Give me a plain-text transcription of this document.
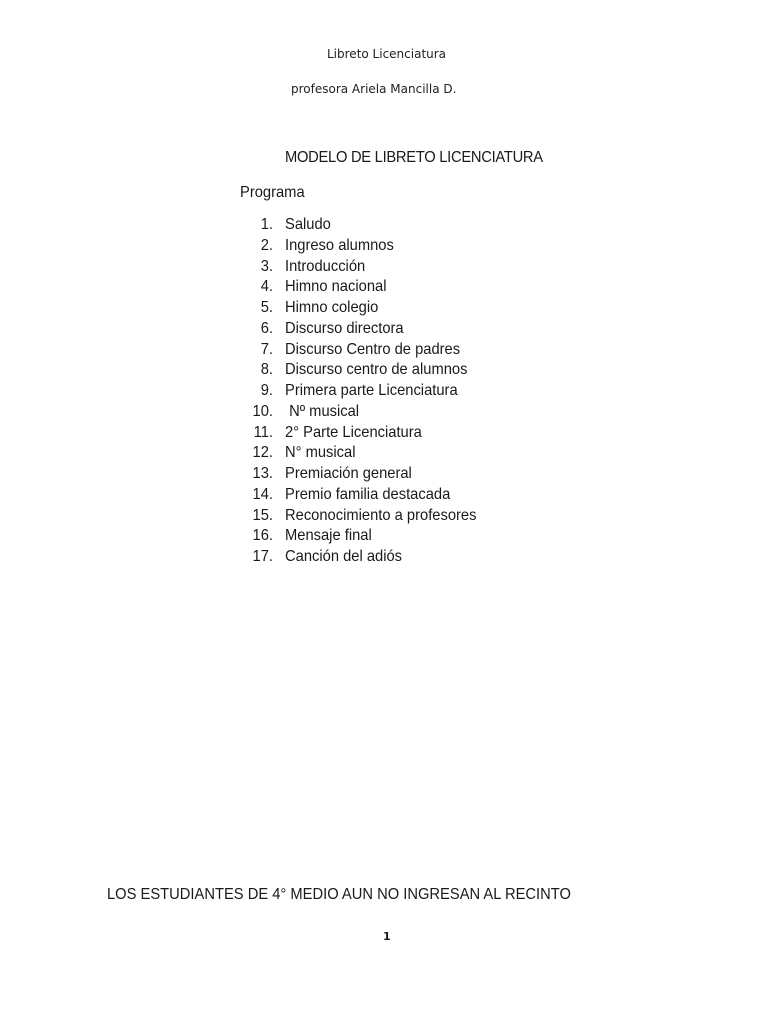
Libreto Licenciatura
profesora Ariela Mancilla D.
MODELO DE LIBRETO LICENCIATURA
Programa
1. Saludo
2. Ingreso alumnos
3. Introducción
4. Himno nacional
5. Himno colegio
6. Discurso directora
7. Discurso Centro de padres
8. Discurso centro de alumnos
9. Primera parte Licenciatura
10. Nº musical
11. 2° Parte Licenciatura
12. N° musical
13. Premiación general
14. Premio familia destacada
15. Reconocimiento a profesores
16. Mensaje final
17. Canción del adiós
LOS ESTUDIANTES DE 4° MEDIO AUN NO INGRESAN AL RECINTO
1
